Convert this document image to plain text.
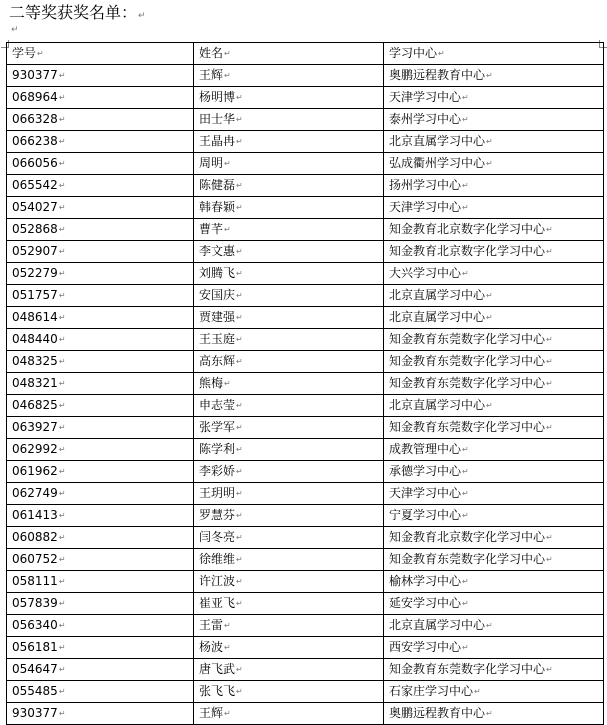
二等奖获奖名单：↵
↵
学号↵	姓名↵	学习中心↵
930377↵	王辉↵	奥鹏远程教育中心↵
068964↵	杨明博↵	天津学习中心↵
066328↵	田士华↵	泰州学习中心↵
066238↵	王晶冉↵	北京直属学习中心↵
066056↵	周明↵	弘成衢州学习中心↵
065542↵	陈健磊↵	扬州学习中心↵
054027↵	韩春颖↵	天津学习中心↵
052868↵	曹芊↵	知金教育北京数字化学习中心↵
052907↵	李文惠↵	知金教育北京数字化学习中心↵
052279↵	刘腾飞↵	大兴学习中心↵
051757↵	安国庆↵	北京直属学习中心↵
048614↵	贾建强↵	北京直属学习中心↵
048440↵	王玉庭↵	知金教育东莞数字化学习中心↵
048325↵	高东辉↵	知金教育东莞数字化学习中心↵
048321↵	熊梅↵	知金教育东莞数字化学习中心↵
046825↵	申志莹↵	北京直属学习中心↵
063927↵	张学军↵	知金教育东莞数字化学习中心↵
062992↵	陈学利↵	成教管理中心↵
061962↵	李彩娇↵	承德学习中心↵
062749↵	王玥明↵	天津学习中心↵
061413↵	罗慧芬↵	宁夏学习中心↵
060882↵	闫冬亮↵	知金教育北京数字化学习中心↵
060752↵	徐维维↵	知金教育东莞数字化学习中心↵
058111↵	许江波↵	榆林学习中心↵
057839↵	崔亚飞↵	延安学习中心↵
056340↵	王雷↵	北京直属学习中心↵
056181↵	杨波↵	西安学习中心↵
054647↵	唐飞武↵	知金教育东莞数字化学习中心↵
055485↵	张飞飞↵	石家庄学习中心↵
930377↵	王辉↵	奥鹏远程教育中心↵
